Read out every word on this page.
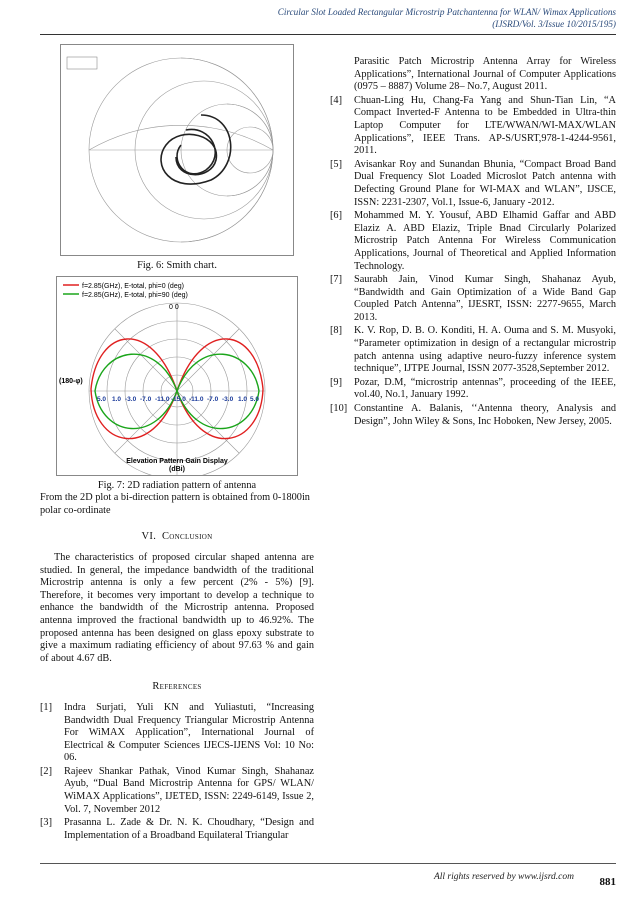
Circular Slot Loaded Rectangular Microstrip Patchantenna for WLAN/ Wimax Applications
(IJSRD/Vol. 3/Issue 10/2015/195)
Fig. 6: Smith chart.
f=2.85(GHz), E-total, phi=0 (deg)
f=2.85(GHz), E-total, phi=90 (deg)
0 0
(180-φ)
5.0 1.0 -3.0 -7.0 -11.0 -15.0 -11.0 -7.0 -3.0 1.0 5.0
Elevation Pattern Gain Display
(dBi)
Fig. 7: 2D radiation pattern of antenna
From the 2D plot a bi-direction pattern is obtained from 0-1800in polar co-ordinate
VI. Conclusion

The characteristics of proposed circular shaped antenna are studied. In general, the impedance bandwidth of the traditional Microstrip antenna is only a few percent (2% - 5%) [9]. Therefore, it becomes very important to develop a technique to enhance the bandwidth of the Microstrip antenna. Proposed antenna improved the fractional bandwidth up to 46.92%. The proposed antenna has been designed on glass epoxy substrate to give a maximum radiating efficiency of about 97.63 % and gain of about 4.67 dB.

References
[1]	Indra Surjati, Yuli KN and Yuliastuti, “Increasing Bandwidth Dual Frequency Triangular Microstrip Antenna For WiMAX Application”, International Journal of Electrical & Computer Sciences IJECS-IJENS Vol: 10 No: 06.
[2]	Rajeev Shankar Pathak, Vinod Kumar Singh, Shahanaz Ayub, “Dual Band Microstrip Antenna for GPS/ WLAN/ WiMAX Applications”, IJETED, ISSN: 2249-6149, Issue 2, Vol. 7, November 2012
[3]	Prasanna L. Zade & Dr. N. K. Choudhary, “Design and Implementation of a Broadband Equilateral Triangular
Parasitic Patch Microstrip Antenna Array for Wireless Applications”, International Journal of Computer Applications (0975 – 8887) Volume 28– No.7, August 2011.
[4]	Chuan-Ling Hu, Chang-Fa Yang and Shun-Tian Lin, “A Compact Inverted-F Antenna to be Embedded in Ultra-thin Laptop Computer for LTE/WWAN/WI-MAX/WLAN Applications”, IEEE Trans. AP-S/USRT,978-1-4244-9561, 2011.
[5]	Avisankar Roy and Sunandan Bhunia, “Compact Broad Band Dual Frequency Slot Loaded Microslot Patch antenna with Defecting Ground Plane for WI-MAX and WLAN”, IJSCE, ISSN: 2231-2307, Vol.1, Issue-6, January -2012.
[6]	Mohammed M. Y. Yousuf, ABD Elhamid Gaffar and ABD Elaziz A. ABD Elaziz, Triple Bnad Circularly Polarized Microstrip Patch Antenna For Wireless Communication Applications, Journal of Theoretical and Applied Information Technology.
[7]	Saurabh Jain, Vinod Kumar Singh, Shahanaz Ayub, “Bandwidth and Gain Optimization of a Wide Band Gap Coupled Patch Antenna”, IJESRT, ISSN: 2277-9655, March 2013.
[8]	K. V. Rop, D. B. O. Konditi, H. A. Ouma and S. M. Musyoki, “Parameter optimization in design of a rectangular microstrip patch antenna using adaptive neuro-fuzzy inference system technique”, IJTPE Journal, ISSN 2077-3528,September 2012.
[9]	Pozar, D.M, “microstrip antennas”, proceeding of the IEEE, vol.40, No.1, January 1992.
[10] Constantine A. Balanis, ‘‘Antenna theory, Analysis and Design”, John Wiley & Sons, Inc Hoboken, New Jersey, 2005.
All rights reserved by www.ijsrd.com 881
